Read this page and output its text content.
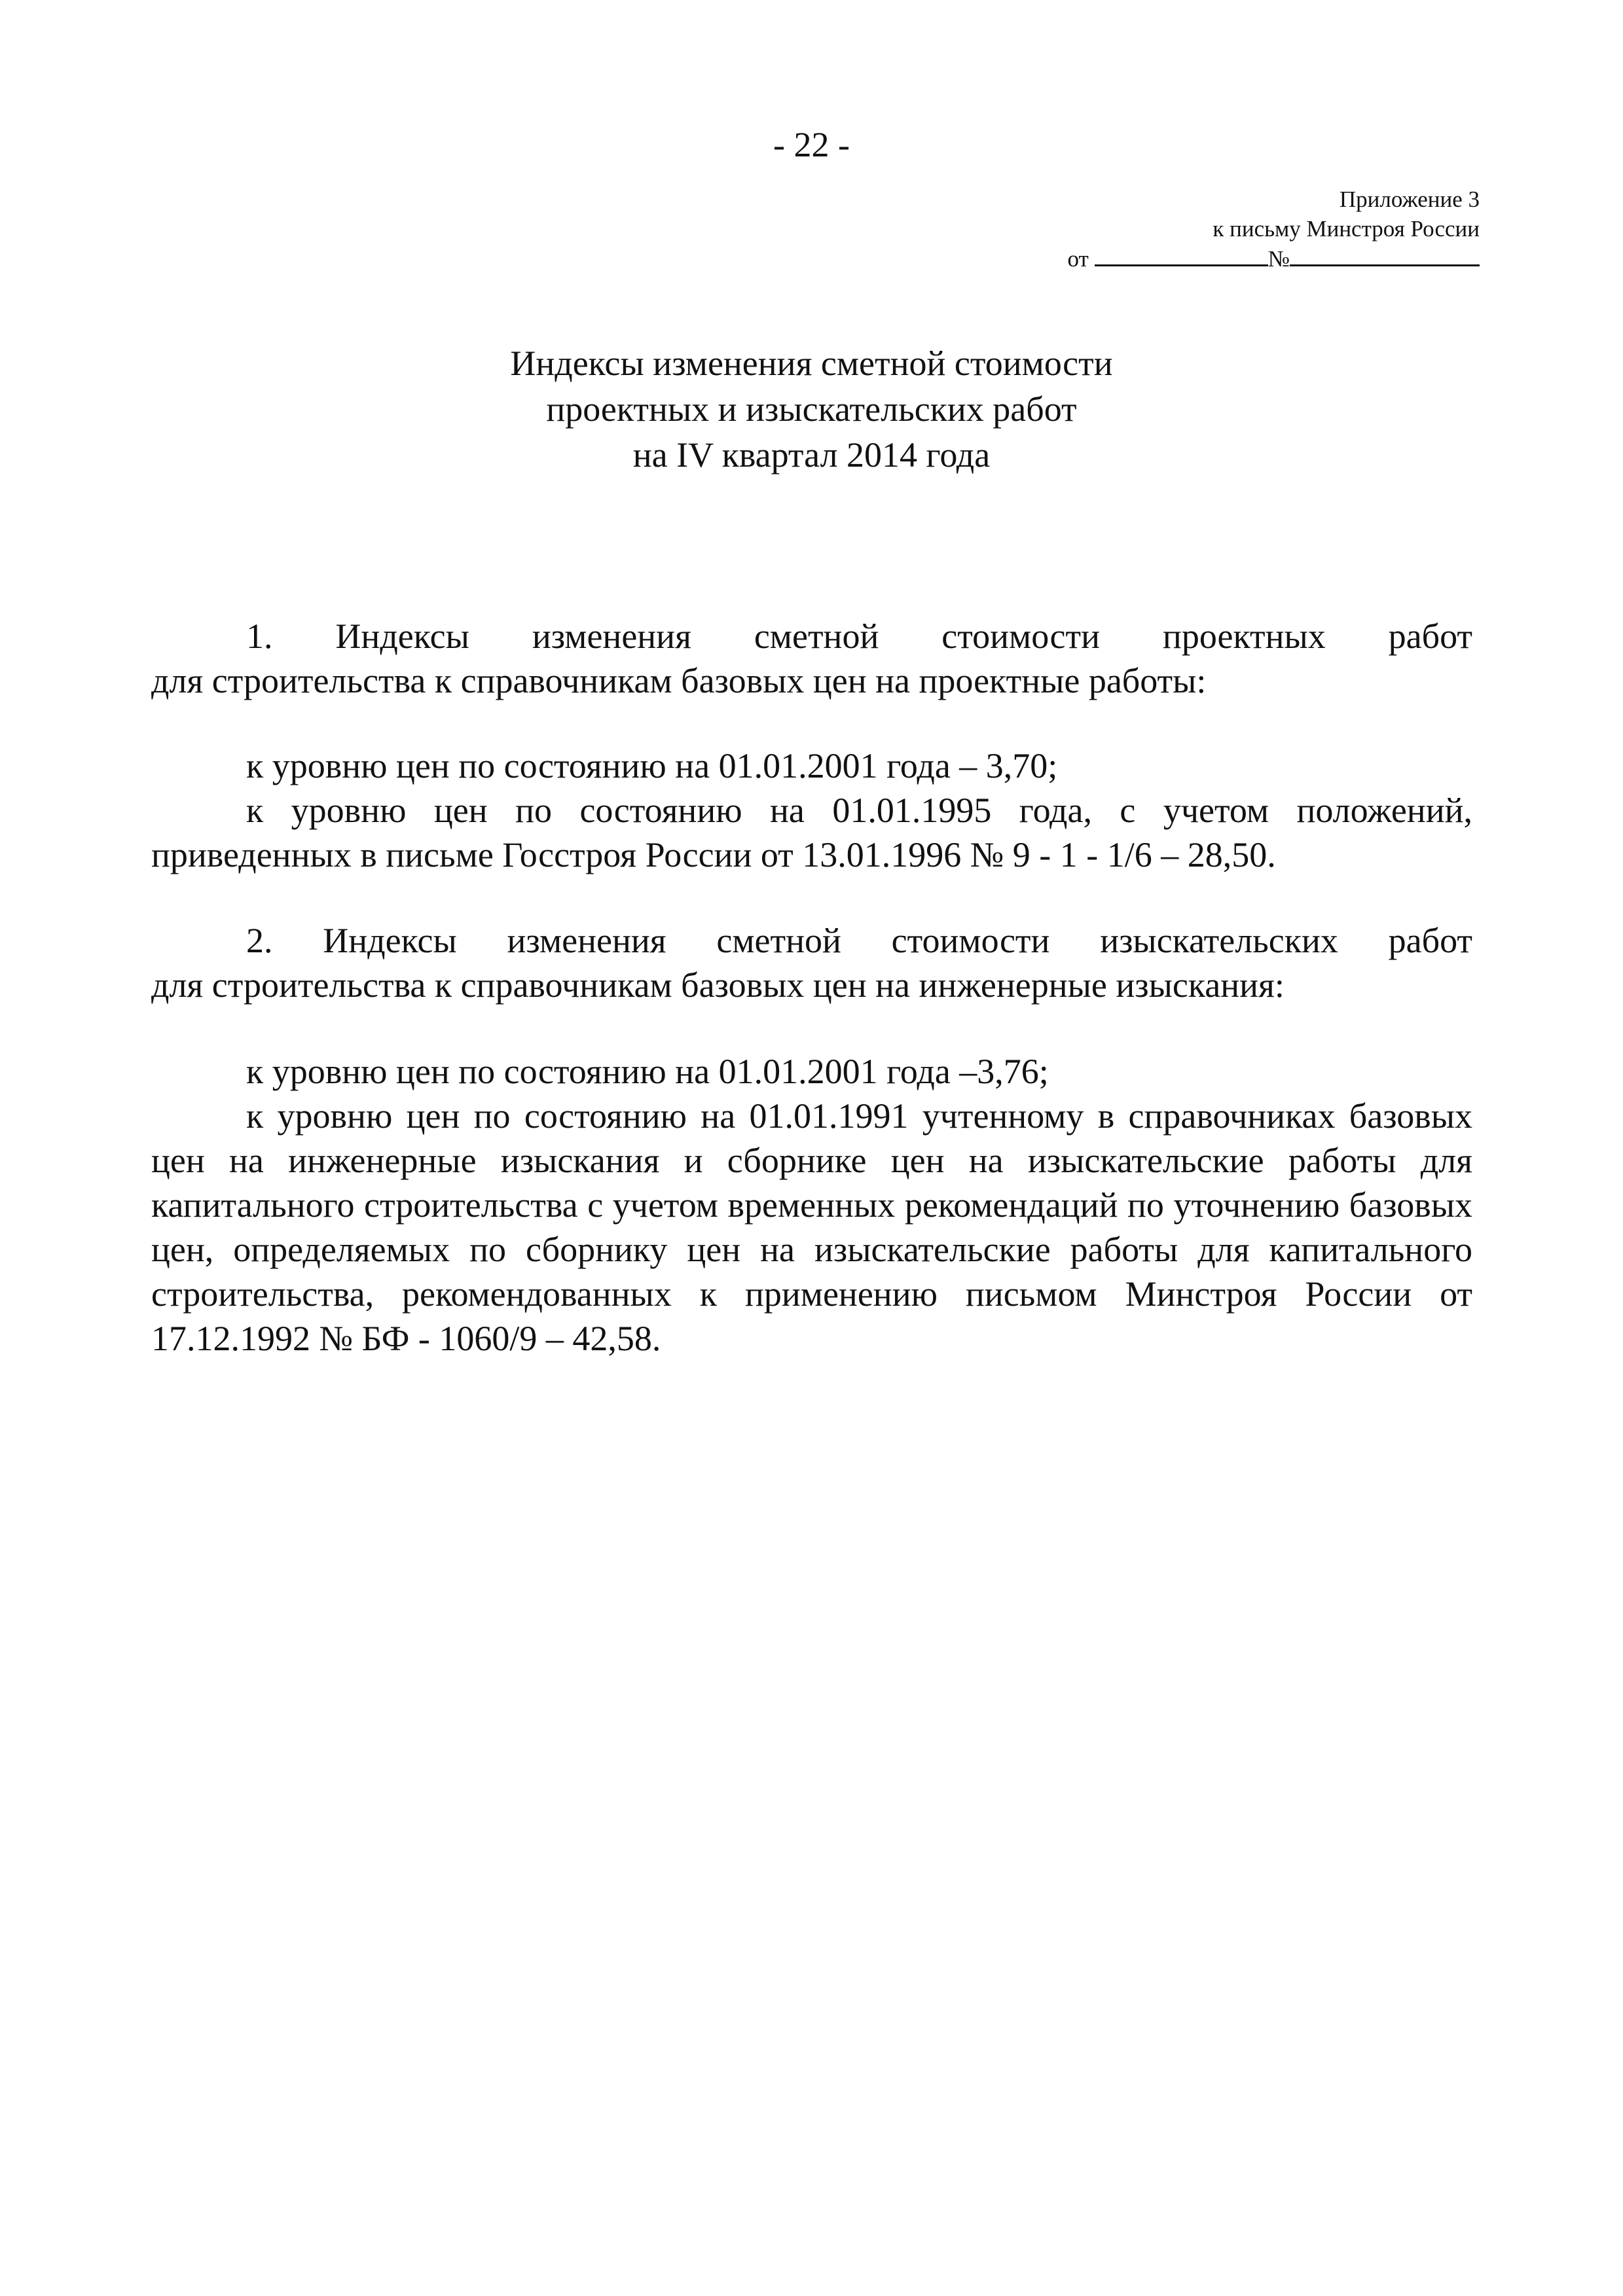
- 22 -
Приложение 3
к письму Минстроя России
от	№
Индексы изменения сметной стоимости
проектных и изыскательских работ
на IV квартал 2014 года

1. Индексы изменения сметной стоимости проектных работ

для строительства к справочникам базовых цен на проектные работы:

к уровню цен по состоянию на 01.01.2001 года – 3,70;

к уровню цен по состоянию на 01.01.1995 года, с учетом положений, приведенных в письме Госстроя России от 13.01.1996 № 9 - 1 - 1/6 – 28,50.

2. Индексы изменения сметной стоимости изыскательских работ

для строительства к справочникам базовых цен на инженерные изыскания:

к уровню цен по состоянию на 01.01.2001 года –3,76;

к уровню цен по состоянию на 01.01.1991 учтенному в справочниках базовых цен на инженерные изыскания и сборнике цен на изыскательские работы для капитального строительства с учетом временных рекомендаций по уточнению базовых цен, определяемых по сборнику цен на изыскательские работы для капитального строительства, рекомендованных к применению письмом Минстроя России от 17.12.1992 № БФ - 1060/9 – 42,58.
